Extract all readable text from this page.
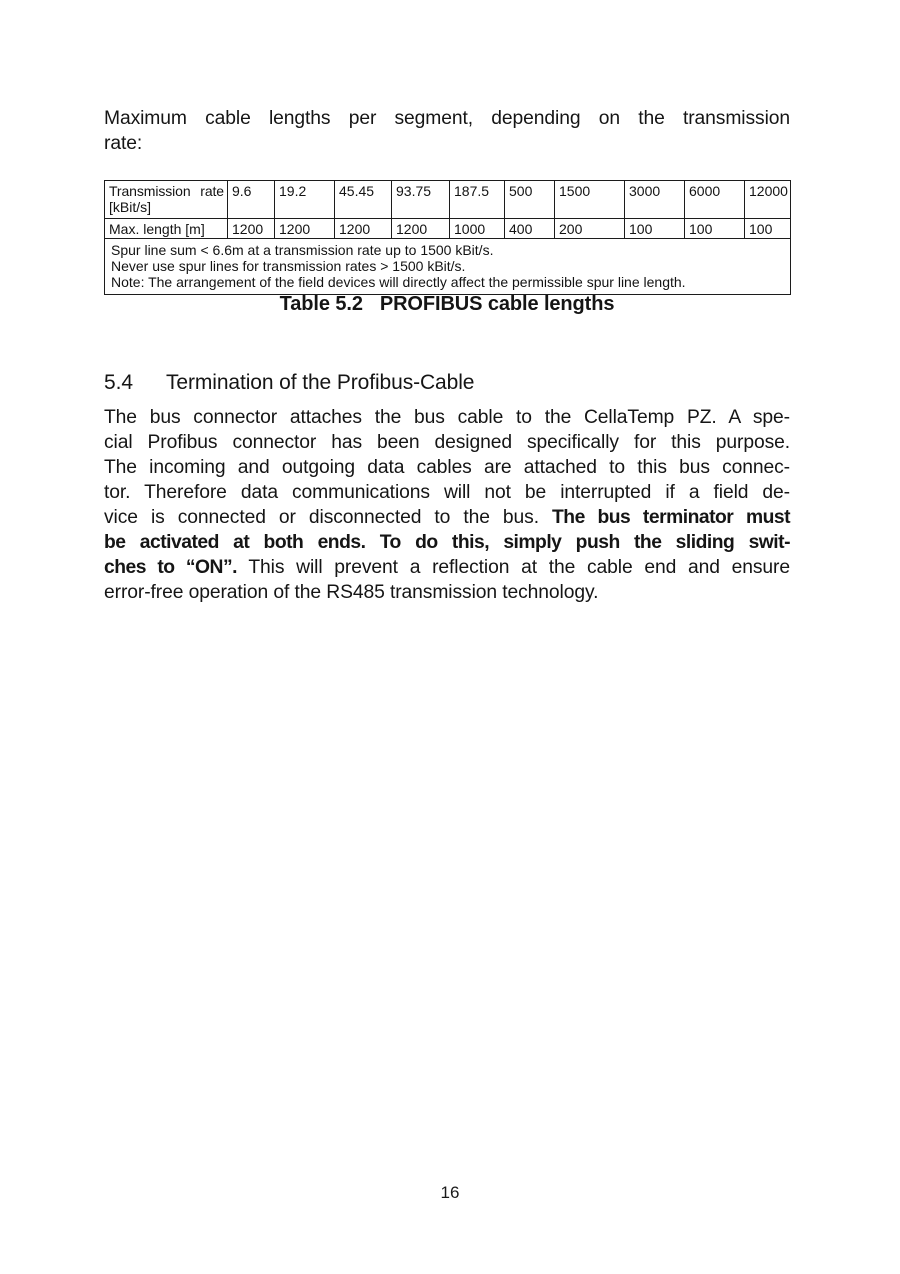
Maximum cable lengths per segment, depending on the transmission
rate:
Transmission rate
[kBit/s]	9.6	19.2	45.45	93.75	187.5	500	1500	3000	6000	12000
Max. length [m]	1200	1200	1200	1200	1000	400	200	100	100	100

Spur line sum < 6.6m at a transmission rate up to 1500 kBit/s.
Never use spur lines for transmission rates > 1500 kBit/s.
Note: The arrangement of the field devices will directly affect the permissible spur line length.										
Table 5.2 PROFIBUS cable lengths
5.4 Termination of the Profibus-Cable
The bus connector attaches the bus cable to the CellaTemp PZ. A spe-
cial Profibus connector has been designed specifically for this purpose.
The incoming and outgoing data cables are attached to this bus connec-
tor. Therefore data communications will not be interrupted if a field de-
vice is connected or disconnected to the bus. The bus terminator must
be activated at both ends. To do this, simply push the sliding swit-
ches to “ON”. This will prevent a reflection at the cable end and ensure
error-free operation of the RS485 transmission technology.
16
